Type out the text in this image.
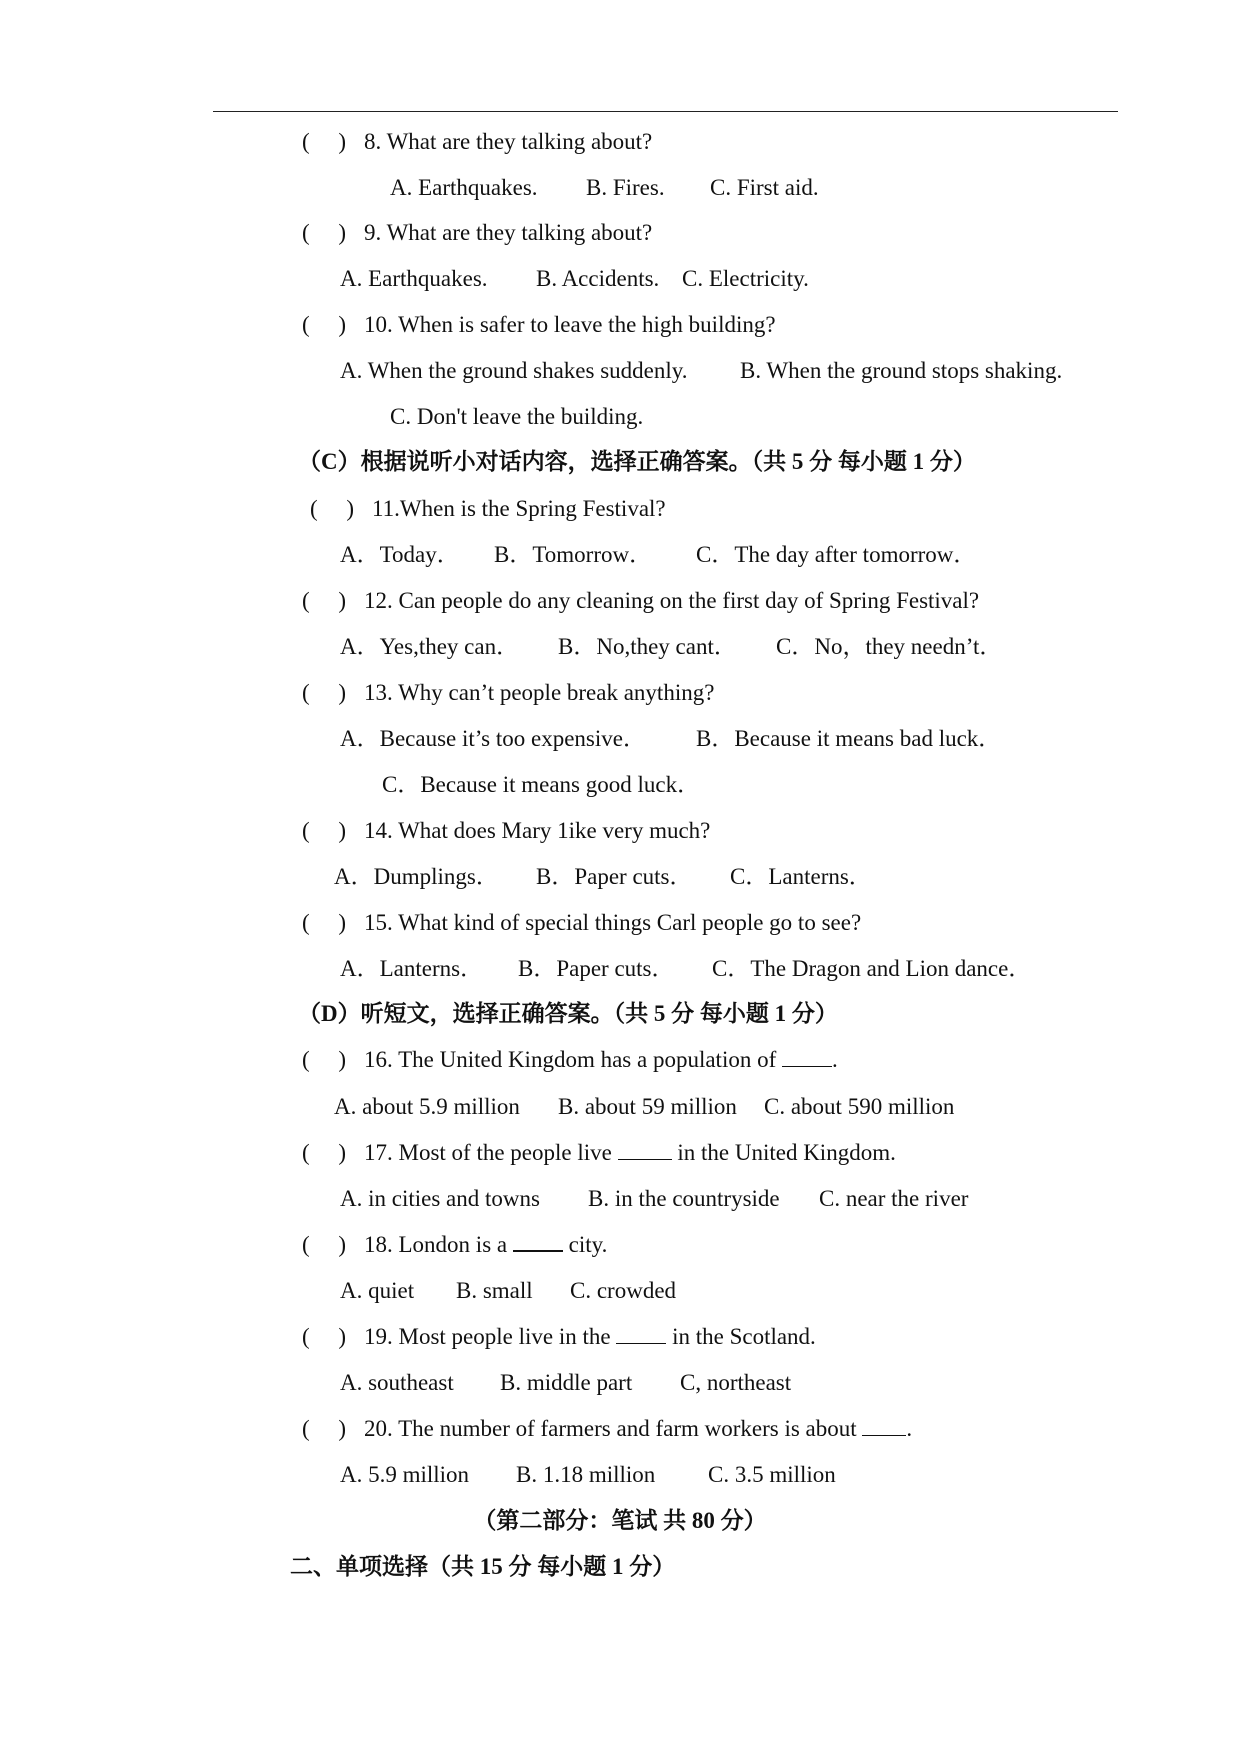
(     ) 8. What are they talking about?
A. Earthquakes. B. Fires. C. First aid.
(     ) 9. What are they talking about?
A. Earthquakes. B. Accidents. C. Electricity.
(     ) 10. When is safer to leave the high building?
A. When the ground shakes suddenly. B. When the ground stops shaking.
C. Don't leave the building.
（C）根据说听小对话内容，选择正确答案。（共 5 分 每小题 1 分）
(     ) 11.When is the Spring Festival?
A．Today． B．Tomorrow． C．The day after tomorrow．
(     ) 12. Can people do any cleaning on the first day of Spring Festival?
A．Yes,they can． B．No,they cant． C．No，they needn’t．
(     ) 13. Why can’t people break anything?
A．Because it’s too expensive． B．Because it means bad luck．
C．Because it means good luck．
(     ) 14. What does Mary 1ike very much?
A．Dumplings． B．Paper cuts． C．Lanterns．
(     ) 15. What kind of special things Carl people go to see?
A．Lanterns． B．Paper cuts． C．The Dragon and Lion dance．
（D）听短文，选择正确答案。（共 5 分 每小题 1 分）
(     ) 16. The United Kingdom has a population of .
A. about 5.9 million B. about 59 million C. about 590 million
(     ) 17. Most of the people live  in the United Kingdom.
A. in cities and towns B. in the countryside C. near the river
(     ) 18. London is a  city.
A. quiet B. small C. crowded
(     ) 19. Most people live in the  in the Scotland.
A. southeast B. middle part C, northeast
(     ) 20. The number of farmers and farm workers is about .
A. 5.9 million B. 1.18 million C. 3.5 million
（第二部分：笔试 共 80 分）
二、单项选择（共 15 分 每小题 1 分）
